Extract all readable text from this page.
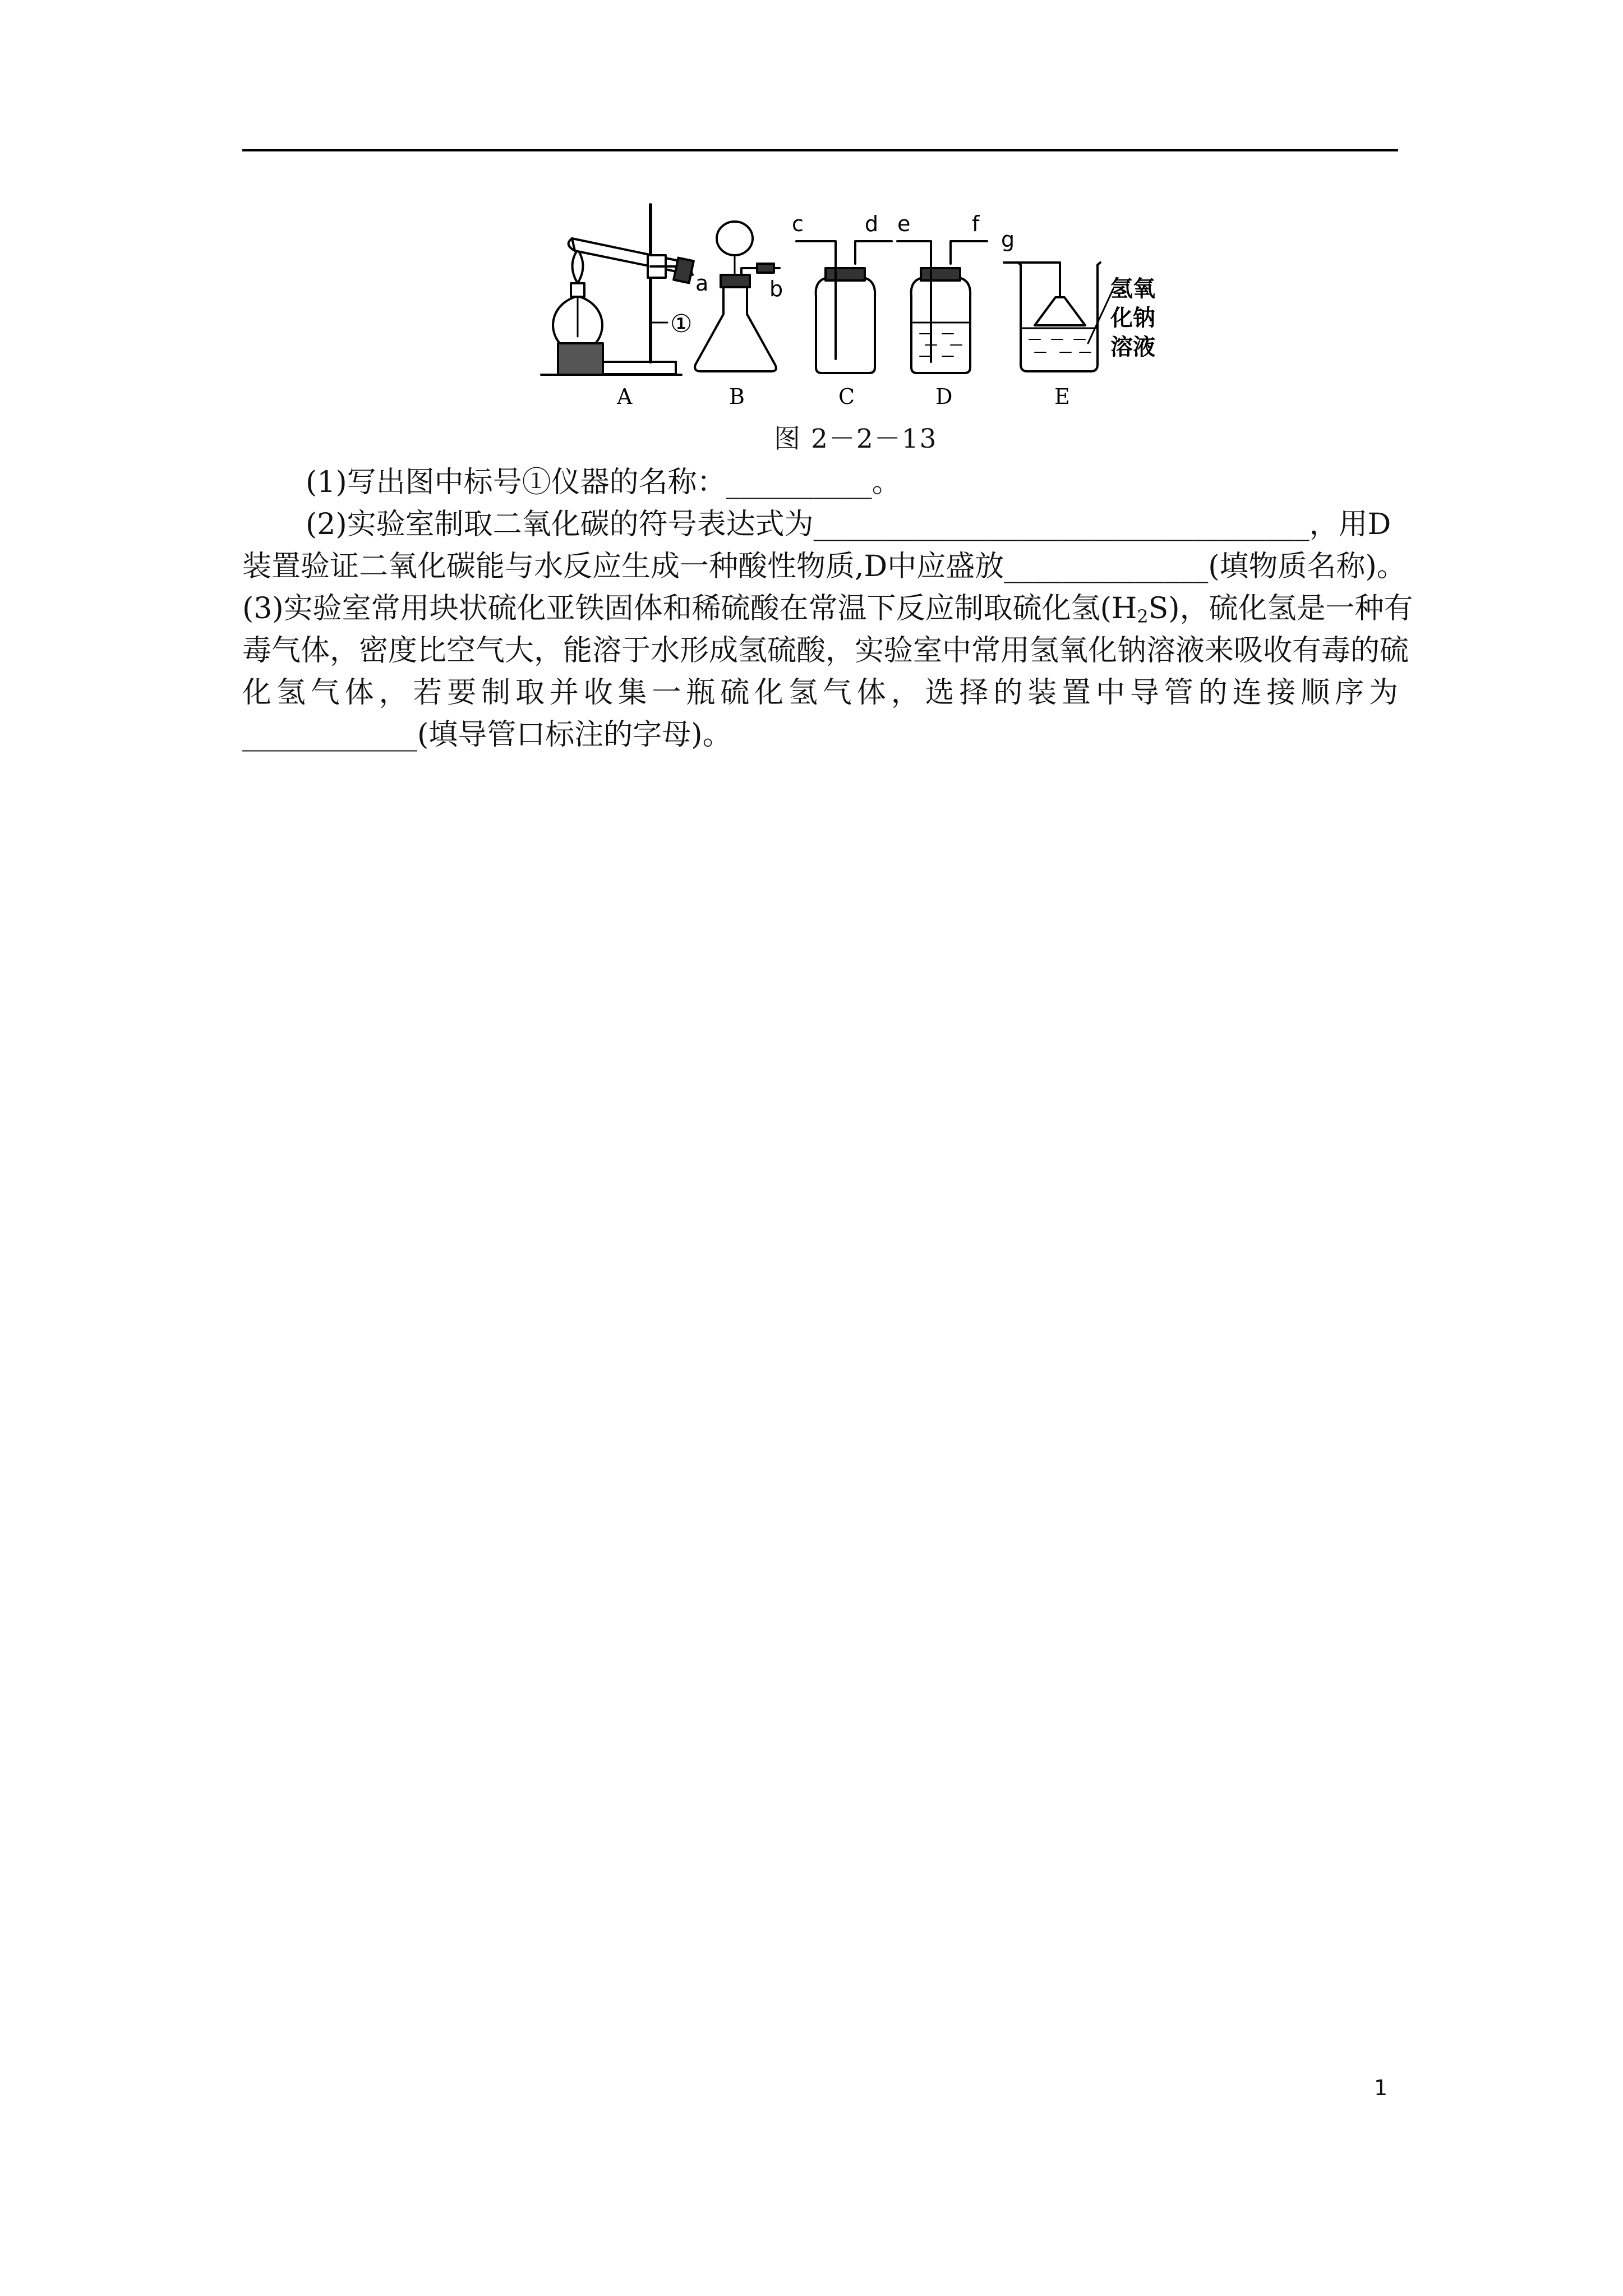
A	B	C	D	E
a	b
c	d e	f
g
①
氢氧
化钠
溶液
图 2－2－13
(1)写出图中标号①仪器的名称：__________。
(2)实验室制取二氧化碳的符号表达式为__________________________________，用D
装置验证二氧化碳能与水反应生成一种酸性物质,D中应盛放______________(填物质名称)。
(3)实验室常用块状硫化亚铁固体和稀硫酸在常温下反应制取硫化氢$(H_2S)$，硫化氢是一种有
毒气体，密度比空气大，能溶于水形成氢硫酸，实验室中常用氢氧化钠溶液来吸收有毒的硫
化氢气体，若要制取并收集一瓶硫化氢气体，选择的装置中导管的连接顺序为
____________(填导管口标注的字母)。
1
